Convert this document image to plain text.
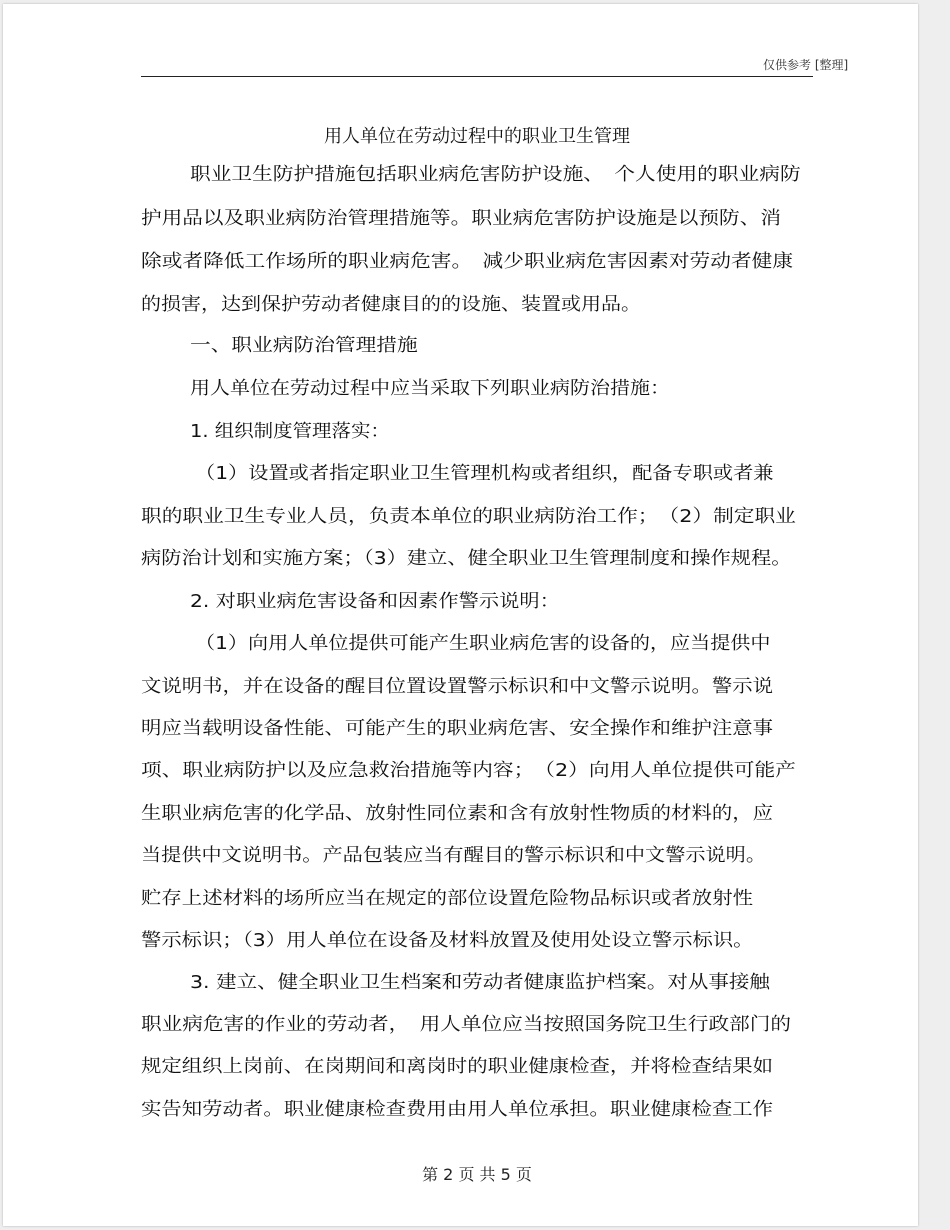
仅供参考 [整理]
用人单位在劳动过程中的职业卫生管理
职业卫生防护措施包括职业病危害防护设施、　个人使用的职业病防
护用品以及职业病防治管理措施等。职业病危害防护设施是以预防、消
除或者降低工作场所的职业病危害。　减少职业病危害因素对劳动者健康
的损害，达到保护劳动者健康目的的设施、装置或用品。
一、职业病防治管理措施
用人单位在劳动过程中应当采取下列职业病防治措施：
1. 组织制度管理落实：
（1）设置或者指定职业卫生管理机构或者组织，配备专职或者兼
职的职业卫生专业人员，负责本单位的职业病防治工作；　（2）制定职业
病防治计划和实施方案；（3）建立、健全职业卫生管理制度和操作规程。
2. 对职业病危害设备和因素作警示说明：
（1）向用人单位提供可能产生职业病危害的设备的，应当提供中
文说明书，并在设备的醒目位置设置警示标识和中文警示说明。警示说
明应当载明设备性能、可能产生的职业病危害、安全操作和维护注意事
项、职业病防护以及应急救治措施等内容；　（2）向用人单位提供可能产
生职业病危害的化学品、放射性同位素和含有放射性物质的材料的，应
当提供中文说明书。产品包装应当有醒目的警示标识和中文警示说明。
贮存上述材料的场所应当在规定的部位设置危险物品标识或者放射性
警示标识；（3）用人单位在设备及材料放置及使用处设立警示标识。
3. 建立、健全职业卫生档案和劳动者健康监护档案。对从事接触
职业病危害的作业的劳动者，　用人单位应当按照国务院卫生行政部门的
规定组织上岗前、在岗期间和离岗时的职业健康检查，并将检查结果如
实告知劳动者。职业健康检查费用由用人单位承担。职业健康检查工作
第 2 页 共 5 页
